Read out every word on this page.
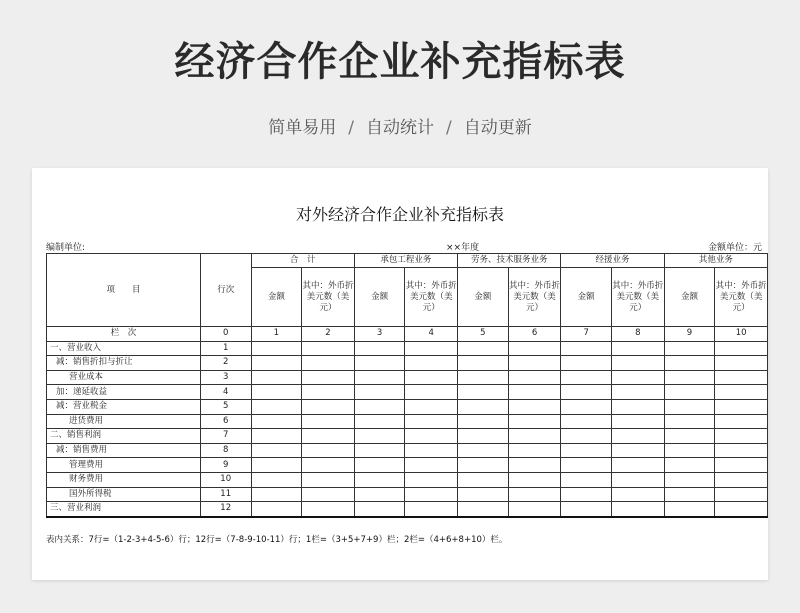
经济合作企业补充指标表
简单易用 / 自动统计 / 自动更新
对外经济合作企业补充指标表
编制单位:	××年度	金额单位：元
项　　目	行次	合　计		承包工程业务		劳务、技术服务业务		经援业务		其他业务	
		金额	其中：外币折美元数（美元）	金额	其中：外币折美元数（美元）	金额	其中：外币折美元数（美元）	金额	其中：外币折美元数（美元）	金额	其中：外币折美元数（美元）
栏　次	0	1	2	3	4	5	6	7	8	9	10
一、营业收入	1										
减：销售折扣与折让	2										
营业成本	3										
加：递延收益	4										
减：营业税金	5										
进货费用	6										
二、销售利润	7										
减：销售费用	8										
管理费用	9										
财务费用	10										
国外所得税	11										
三、营业利润	12										
表内关系：7行=（1-2-3+4-5-6）行；12行=（7-8-9-10-11）行；1栏=（3+5+7+9）栏；2栏=（4+6+8+10）栏。
